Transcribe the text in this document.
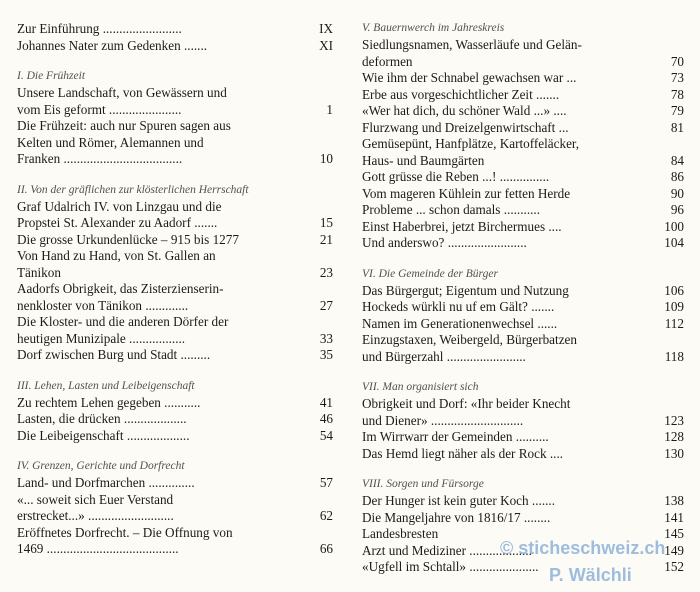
Zur Einführung ........................	IX
Johannes Nater zum Gedenken .......	XI
I. Die Frühzeit
Unsere Landschaft, von Gewässern und
vom Eis geformt ......................	1
Die Frühzeit: auch nur Spuren sagen aus
Kelten und Römer, Alemannen und
Franken ....................................	10
II. Von der gräflichen zur klösterlichen Herrschaft
Graf Udalrich IV. von Linzgau und die
Propstei St. Alexander zu Aadorf .......	15
Die grosse Urkundenlücke – 915 bis 1277	21
Von Hand zu Hand, von St. Gallen an
Tänikon	23
Aadorfs Obrigkeit, das Zisterzienserin-
nenkloster von Tänikon .............	27
Die Kloster- und die anderen Dörfer der
heutigen Munizipale .................	33
Dorf zwischen Burg und Stadt .........	35
III. Lehen, Lasten und Leibeigenschaft
Zu rechtem Lehen gegeben ...........	41
Lasten, die drücken ...................	46
Die Leibeigenschaft ...................	54
IV. Grenzen, Gerichte und Dorfrecht
Land- und Dorfmarchen ..............	57
«... soweit sich Euer Verstand
erstrecket...» ..........................	62
Eröffnetes Dorfrecht. – Die Offnung von
1469 ........................................	66
V. Bauernwerch im Jahreskreis
Siedlungsnamen, Wasserläufe und Gelän-
deformen	70
Wie ihm der Schnabel gewachsen war ...	73
Erbe aus vorgeschichtlicher Zeit .......	78
«Wer hat dich, du schöner Wald ...» ....	79
Flurzwang und Dreizelgenwirtschaft ...	81
Gemüsepünt, Hanfplätze, Kartoffeläcker,
Haus- und Baumgärten	84
Gott grüsse die Reben ...! ...............	86
Vom mageren Kühlein zur fetten Herde	90
Probleme ... schon damals ...........	96
Einst Haberbrei, jetzt Birchermues ....	100
Und anderswo? ........................	104
VI. Die Gemeinde der Bürger
Das Bürgergut; Eigentum und Nutzung	106
Hockeds würkli nu uf em Gält? .......	109
Namen im Generationenwechsel ......	112
Einzugstaxen, Weibergeld, Bürgerbatzen
und Bürgerzahl ........................	118
VII. Man organisiert sich
Obrigkeit und Dorf: «Ihr beider Knecht
und Diener» ............................	123
Im Wirrwarr der Gemeinden ..........	128
Das Hemd liegt näher als der Rock ....	130
VIII. Sorgen und Fürsorge
Der Hunger ist kein guter Koch .......	138
Die Mangeljahre von 1816/17 ........	141
Landesbresten	145
Arzt und Mediziner ...................	149
«Ugfell im Schtall» .....................	152
© sticheschweiz.ch
P. Wälchli
